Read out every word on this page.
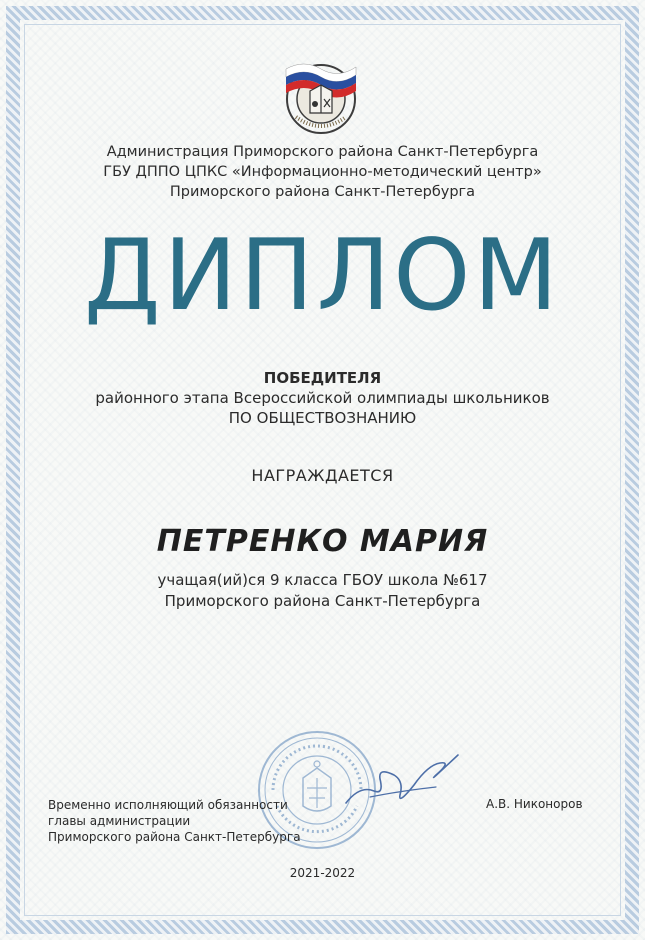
Администрация Приморского района Санкт-Петербурга
ГБУ ДППО ЦПКС «Информационно-методический центр»
Приморского района Санкт-Петербурга
ДИПЛОМ
ПОБЕДИТЕЛЯ
районного этапа Всероссийской олимпиады школьников
ПО ОБЩЕСТВОЗНАНИЮ
НАГРАЖДАЕТСЯ
ПЕТРЕНКО МАРИЯ
учащая(ий)ся 9 класса ГБОУ школа №617
Приморского района Санкт-Петербурга
Временно исполняющий обязанности
главы администрации
Приморского района Санкт-Петербурга
А.В. Никоноров
2021-2022
